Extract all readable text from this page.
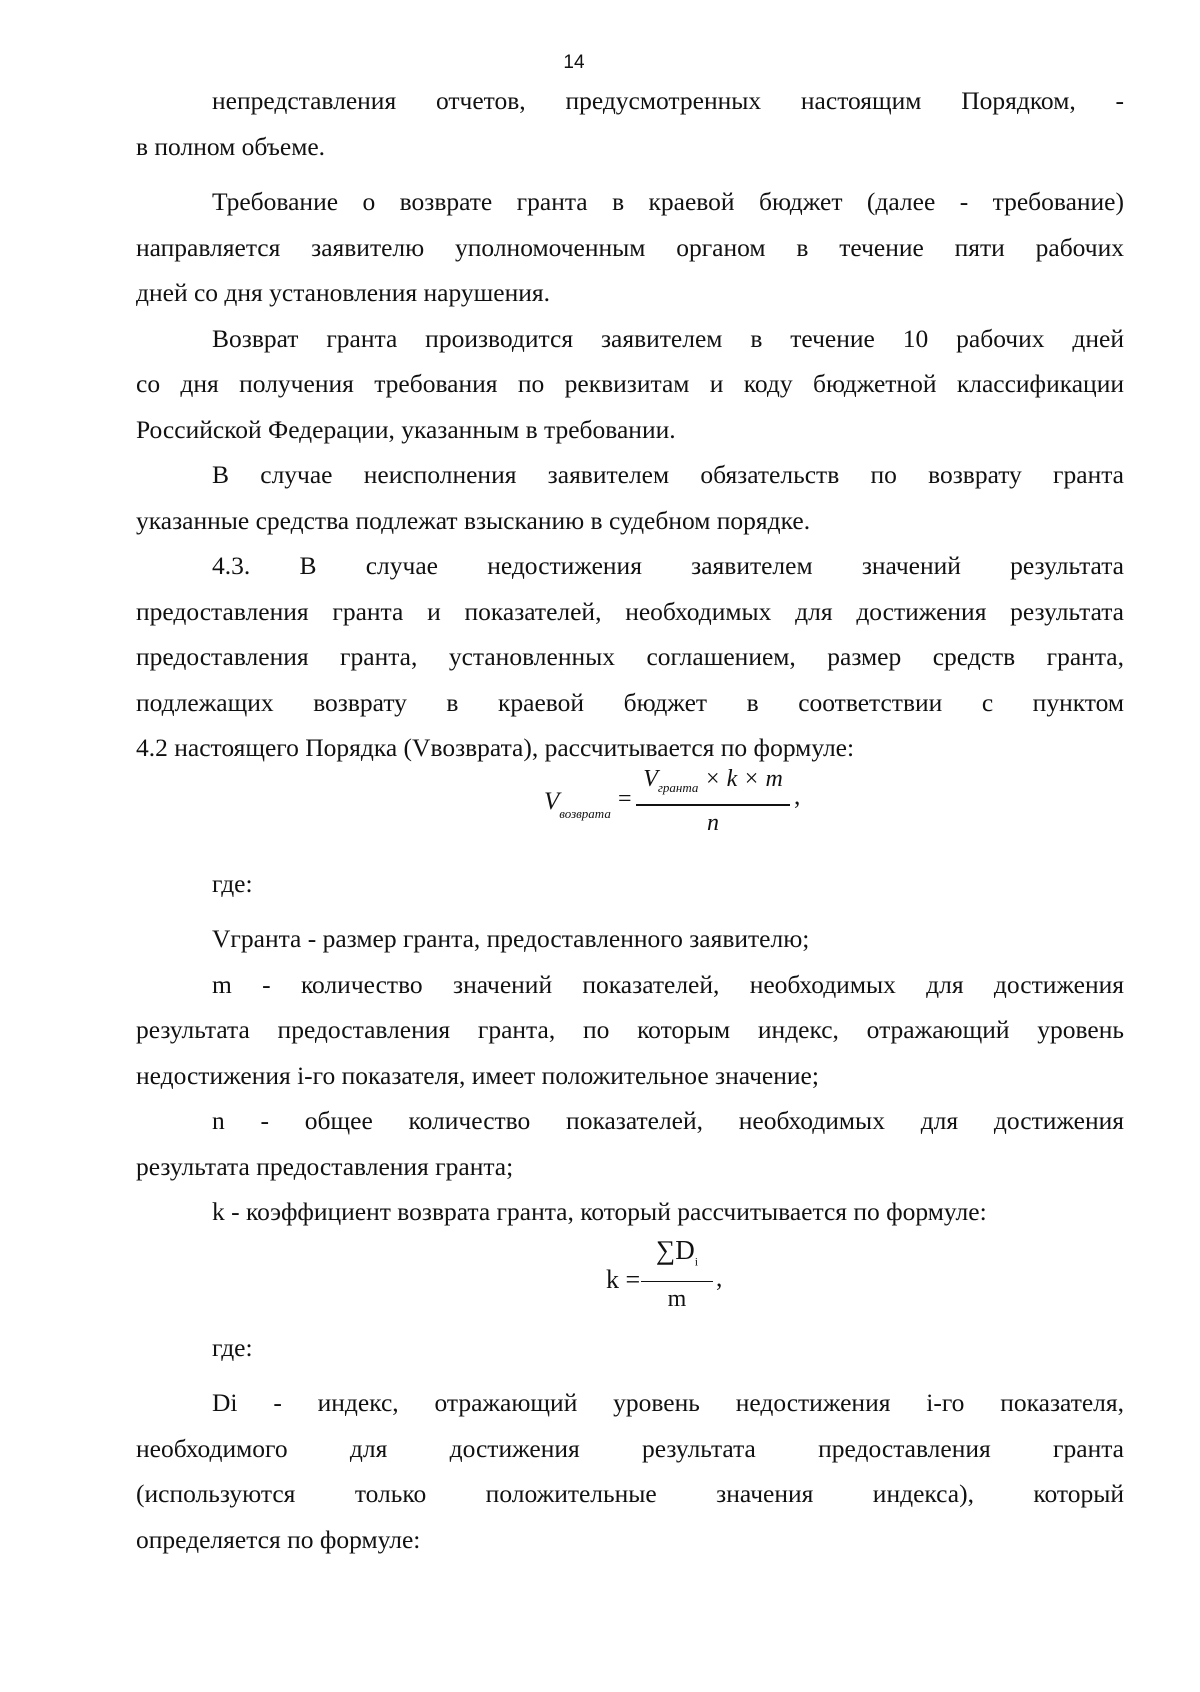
14

непредставления отчетов, предусмотренных настоящим Порядком, -

в полном объеме.

Требование о возврате гранта в краевой бюджет (далее - требование)

направляется заявителю уполномоченным органом в течение пяти рабочих

дней со дня установления нарушения.

Возврат гранта производится заявителем в течение 10 рабочих дней

со дня получения требования по реквизитам и коду бюджетной классификации

Российской Федерации, указанным в требовании.

В случае неисполнения заявителем обязательств по возврату гранта

указанные средства подлежат взысканию в судебном порядке.

4.3. В случае недостижения заявителем значений результата

предоставления гранта и показателей, необходимых для достижения результата

предоставления гранта, установленных соглашением, размер средств гранта,

подлежащих возврату в краевой бюджет в соответствии с пунктом

4.2 настоящего Порядка (Vвозврата), рассчитывается по формуле:

$V_{возврата}$
=
$V_{гранта} \times k \times m$
n
,

где:

Vгранта - размер гранта, предоставленного заявителю;

m - количество значений показателей, необходимых для достижения

результата предоставления гранта, по которым индекс, отражающий уровень

недостижения i-го показателя, имеет положительное значение;

n - общее количество показателей, необходимых для достижения

результата предоставления гранта;

k - коэффициент возврата гранта, который рассчитывается по формуле:

k =
$\sum D_i$
m
,

где:

Di - индекс, отражающий уровень недостижения i-го показателя,

необходимого для достижения результата предоставления гранта

(используются только положительные значения индекса), который

определяется по формуле:
